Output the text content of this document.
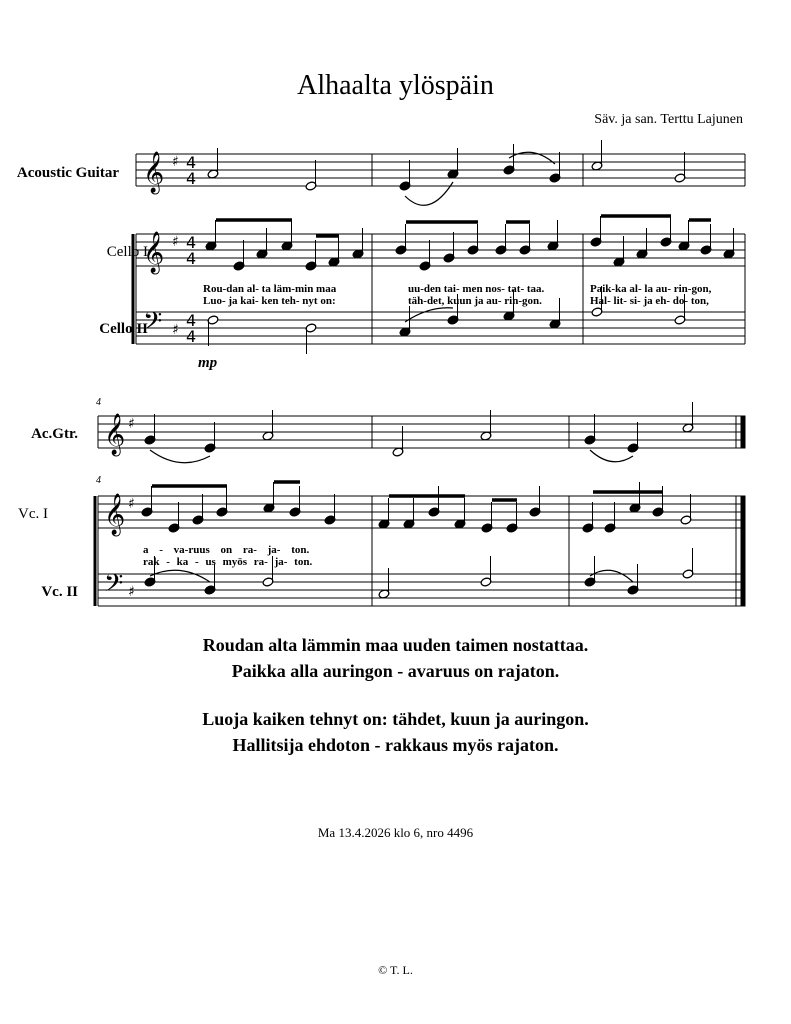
Alhaalta ylöspäin
Säv. ja san. Terttu Lajunen
Acoustic Guitar
Cello I
Cello II
mp
Ac.Gtr.
Vc. I
Vc. II
4
4
Rou-dan al- ta läm-min maa	uu-den tai- men nos- tat- taa.	Paik-ka al- la au- rin-gon,
Luo- ja kai- ken teh- nyt on:	täh-det, kuun ja au- rin-gon.	Hal- lit- si- ja eh- do- ton,
a - va-ruus on ra- ja- ton.
rak - ka - us myös ra- ja- ton.
𝄞
𝄞
𝄢
𝄞
𝄞
𝄢
♯
♯
♯
♯
♯
♯
4
4
4
4
4
4
Roudan alta lämmin maa uuden taimen nostattaa.
Paikka alla auringon - avaruus on rajaton.
Luoja kaiken tehnyt on: tähdet, kuun ja auringon.
Hallitsija ehdoton - rakkaus myös rajaton.
Ma 13.4.2026 klo 6, nro 4496
© T. L.
